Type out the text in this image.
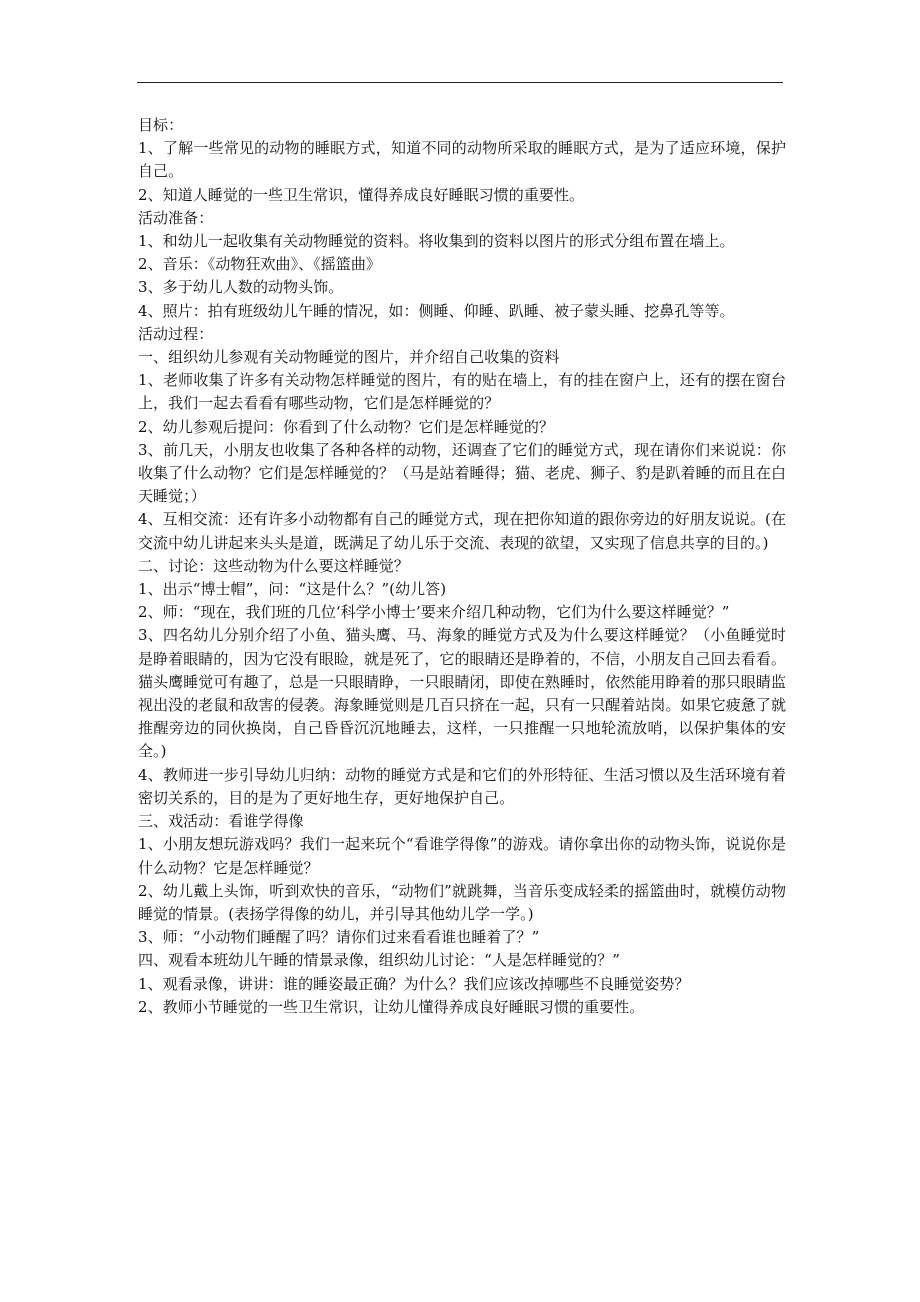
目标：

1、了解一些常见的动物的睡眠方式，知道不同的动物所采取的睡眠方式，是为了适应环境，保护自己。

2、知道人睡觉的一些卫生常识，懂得养成良好睡眠习惯的重要性。

活动准备：

1、和幼儿一起收集有关动物睡觉的资料。将收集到的资料以图片的形式分组布置在墙上。

2、音乐：《动物狂欢曲》、《摇篮曲》

3、多于幼儿人数的动物头饰。

4、照片：拍有班级幼儿午睡的情况，如：侧睡、仰睡、趴睡、被子蒙头睡、挖鼻孔等等。

活动过程：

一、组织幼儿参观有关动物睡觉的图片，并介绍自己收集的资料

1、老师收集了许多有关动物怎样睡觉的图片，有的贴在墙上，有的挂在窗户上，还有的摆在窗台上，我们一起去看看有哪些动物，它们是怎样睡觉的？

2、幼儿参观后提问：你看到了什么动物？它们是怎样睡觉的？

3、前几天，小朋友也收集了各种各样的动物，还调查了它们的睡觉方式，现在请你们来说说：你收集了什么动物？它们是怎样睡觉的？（马是站着睡得；猫、老虎、狮子、豹是趴着睡的而且在白天睡觉；）

4、互相交流：还有许多小动物都有自己的睡觉方式，现在把你知道的跟你旁边的好朋友说说。(在交流中幼儿讲起来头头是道，既满足了幼儿乐于交流、表现的欲望，又实现了信息共享的目的。)

二、讨论：这些动物为什么要这样睡觉？

1、出示“博士帽”，问：“这是什么？”(幼儿答)

2、师：“现在，我们班的几位‘科学小博士’要来介绍几种动物，它们为什么要这样睡觉？”

3、四名幼儿分别介绍了小鱼、猫头鹰、马、海象的睡觉方式及为什么要这样睡觉？（小鱼睡觉时是睁着眼睛的，因为它没有眼睑，就是死了，它的眼睛还是睁着的，不信，小朋友自己回去看看。猫头鹰睡觉可有趣了，总是一只眼睛睁，一只眼睛闭，即使在熟睡时，依然能用睁着的那只眼睛监视出没的老鼠和敌害的侵袭。海象睡觉则是几百只挤在一起，只有一只醒着站岗。如果它疲惫了就推醒旁边的同伙换岗，自己昏昏沉沉地睡去，这样，一只推醒一只地轮流放哨，以保护集体的安全。)

4、教师进一步引导幼儿归纳：动物的睡觉方式是和它们的外形特征、生活习惯以及生活环境有着密切关系的，目的是为了更好地生存，更好地保护自己。

三、戏活动：看谁学得像

1、小朋友想玩游戏吗？我们一起来玩个“看谁学得像”的游戏。请你拿出你的动物头饰，说说你是什么动物？它是怎样睡觉？

2、幼儿戴上头饰，听到欢快的音乐，“动物们”就跳舞，当音乐变成轻柔的摇篮曲时，就模仿动物睡觉的情景。(表扬学得像的幼儿，并引导其他幼儿学一学。)

3、师：“小动物们睡醒了吗？请你们过来看看谁也睡着了？”

四、观看本班幼儿午睡的情景录像，组织幼儿讨论：“人是怎样睡觉的？”

1、观看录像，讲讲：谁的睡姿最正确？为什么？我们应该改掉哪些不良睡觉姿势？

2、教师小节睡觉的一些卫生常识，让幼儿懂得养成良好睡眠习惯的重要性。
